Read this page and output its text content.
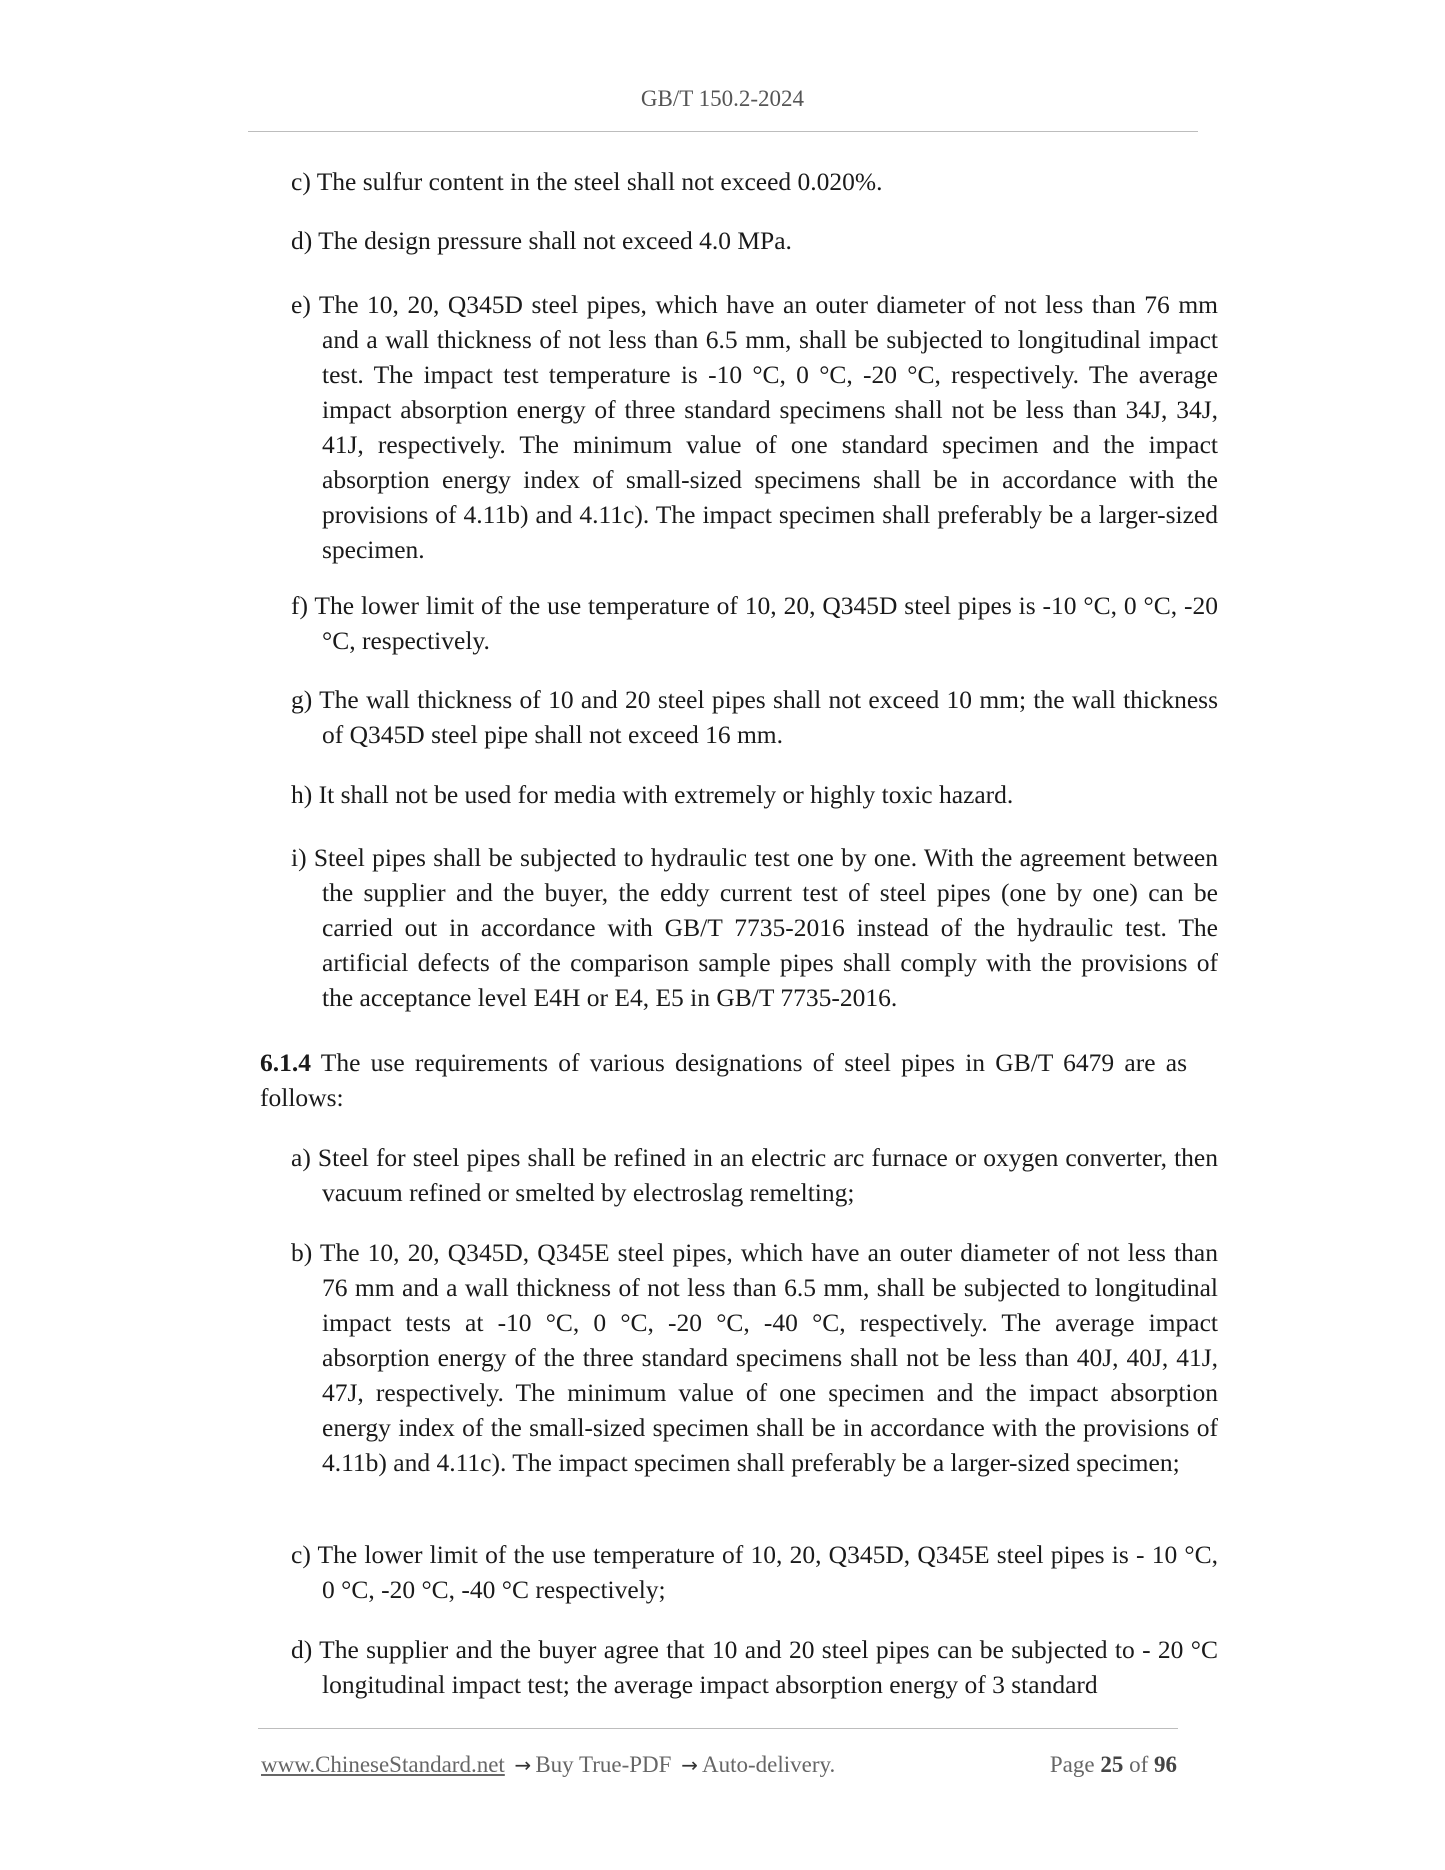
GB/T 150.2-2024

c) The sulfur content in the steel shall not exceed 0.020%.

d) The design pressure shall not exceed 4.0 MPa.

e) The 10, 20, Q345D steel pipes, which have an outer diameter of not less than 76 mm and a wall thickness of not less than 6.5 mm, shall be subjected to longitudinal impact test. The impact test temperature is -10 °C, 0 °C, -20 °C, respectively. The average impact absorption energy of three standard specimens shall not be less than 34J, 34J, 41J, respectively. The minimum value of one standard specimen and the impact absorption energy index of small-sized specimens shall be in accordance with the provisions of 4.11b) and 4.11c). The impact specimen shall preferably be a larger-sized specimen.

f) The lower limit of the use temperature of 10, 20, Q345D steel pipes is -10 °C, 0 °C, -20 °C, respectively.

g) The wall thickness of 10 and 20 steel pipes shall not exceed 10 mm; the wall thickness of Q345D steel pipe shall not exceed 16 mm.

h) It shall not be used for media with extremely or highly toxic hazard.

i) Steel pipes shall be subjected to hydraulic test one by one. With the agreement between the supplier and the buyer, the eddy current test of steel pipes (one by one) can be carried out in accordance with GB/T 7735-2016 instead of the hydraulic test. The artificial defects of the comparison sample pipes shall comply with the provisions of the acceptance level E4H or E4, E5 in GB/T 7735-2016.

6.1.4 The use requirements of various designations of steel pipes in GB/T 6479 are as follows:

a) Steel for steel pipes shall be refined in an electric arc furnace or oxygen converter, then vacuum refined or smelted by electroslag remelting;

b) The 10, 20, Q345D, Q345E steel pipes, which have an outer diameter of not less than 76 mm and a wall thickness of not less than 6.5 mm, shall be subjected to longitudinal impact tests at -10 °C, 0 °C, -20 °C, -40 °C, respectively. The average impact absorption energy of the three standard specimens shall not be less than 40J, 40J, 41J, 47J, respectively. The minimum value of one specimen and the impact absorption energy index of the small-sized specimen shall be in accordance with the provisions of 4.11b) and 4.11c). The impact specimen shall preferably be a larger-sized specimen;

c) The lower limit of the use temperature of 10, 20, Q345D, Q345E steel pipes is - 10 °C, 0 °C, -20 °C, -40 °C respectively;

d) The supplier and the buyer agree that 10 and 20 steel pipes can be subjected to - 20 °C longitudinal impact test; the average impact absorption energy of 3 standard

www.ChineseStandard.net → Buy True-PDF → Auto-delivery.	Page 25 of 96
